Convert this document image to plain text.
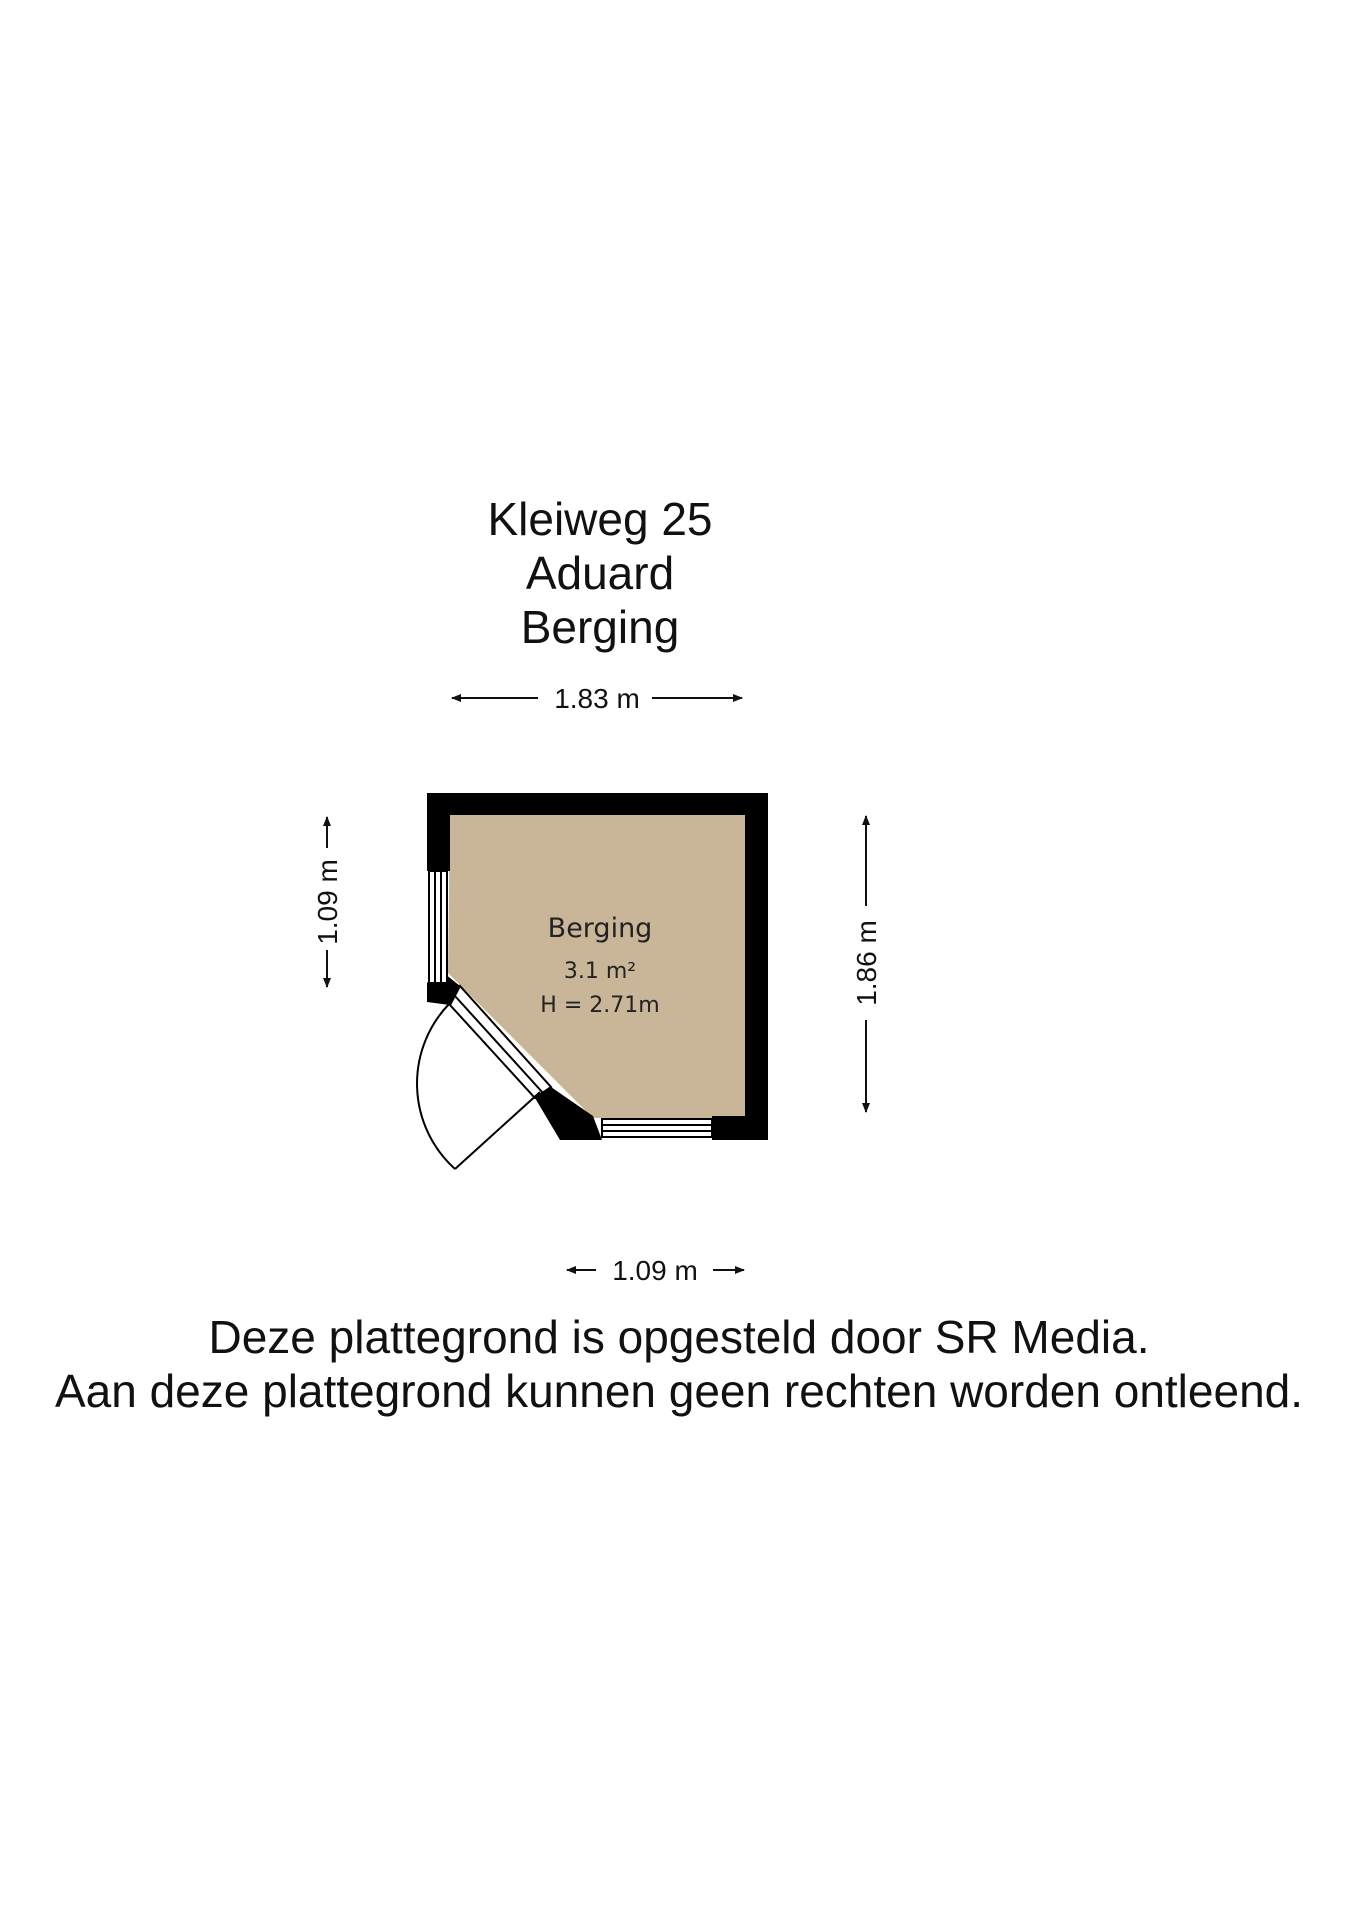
Kleiweg 25
Aduard
Berging
Berging
3.1 m²
H = 2.71m
1.83 m
1.09 m
1.86 m
1.09 m
Deze plattegrond is opgesteld door SR Media.
Aan deze plattegrond kunnen geen rechten worden ontleend.
